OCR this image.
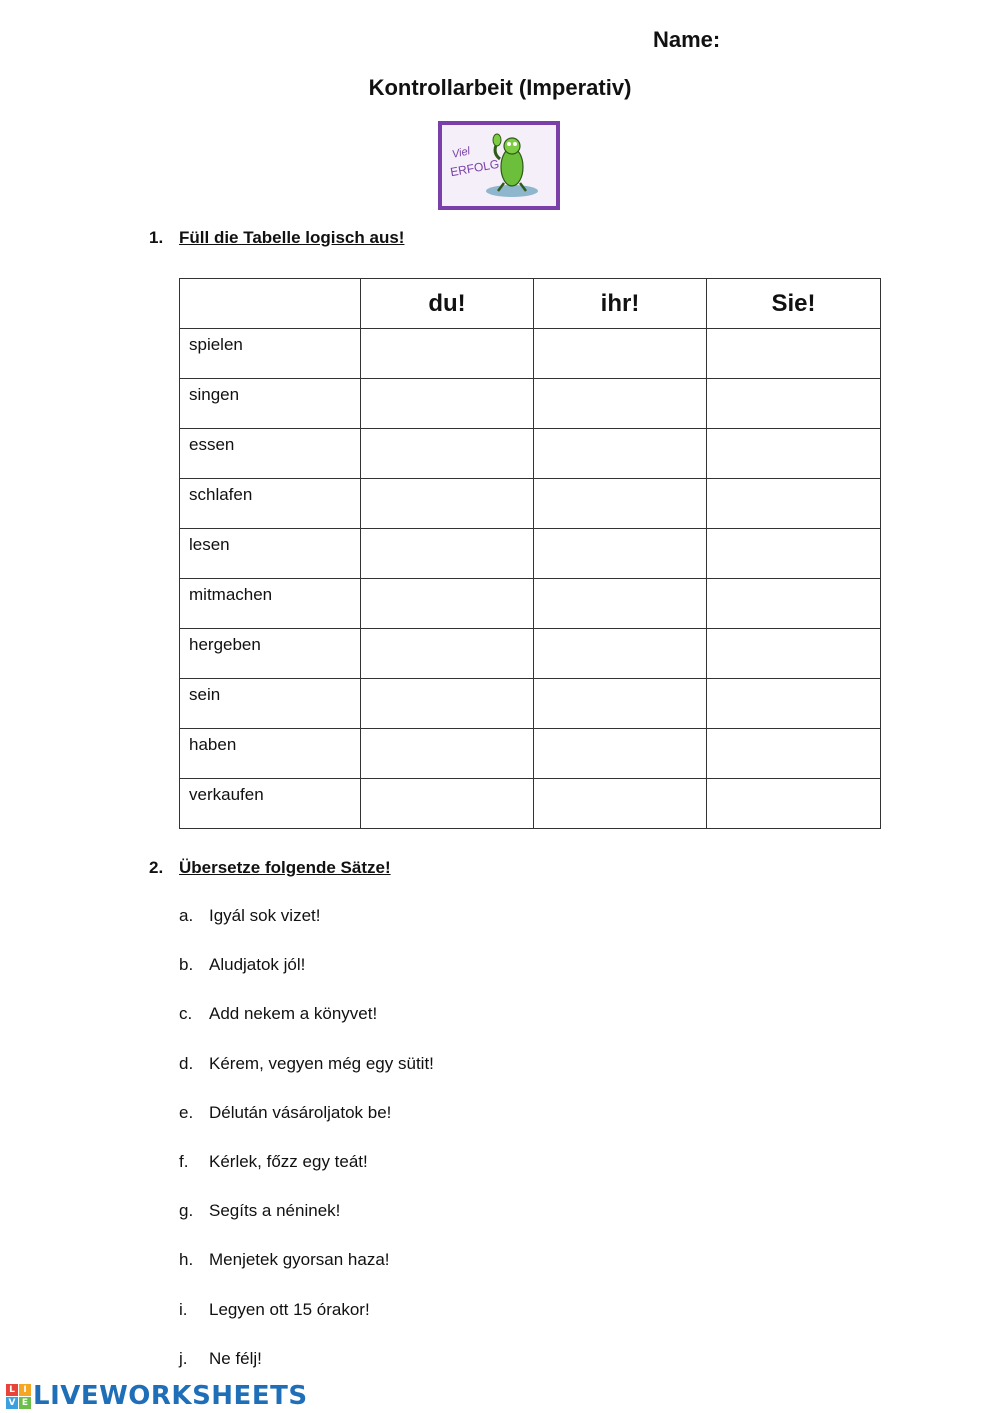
Name:
Kontrollarbeit (Imperativ)
Viel
ERFOLG
1. Füll die Tabelle logisch aus!
	du!	ihr!	Sie!
spielen			
singen			
essen			
schlafen			
lesen			
mitmachen			
hergeben			
sein			
haben			
verkaufen			
2. Übersetze folgende Sätze!
a. Igyál sok vizet!
b. Aludjatok jól!
c. Add nekem a könyvet!
d. Kérem, vegyen még egy sütit!
e. Délután vásároljatok be!
f.	Kérlek, főzz egy teát!
g. Segíts a néninek!
h. Menjetek gyorsan haza!
i.	Legyen ott 15 órakor!
j.	Ne félj!
L I
V E LIVEWORKSHEETS
